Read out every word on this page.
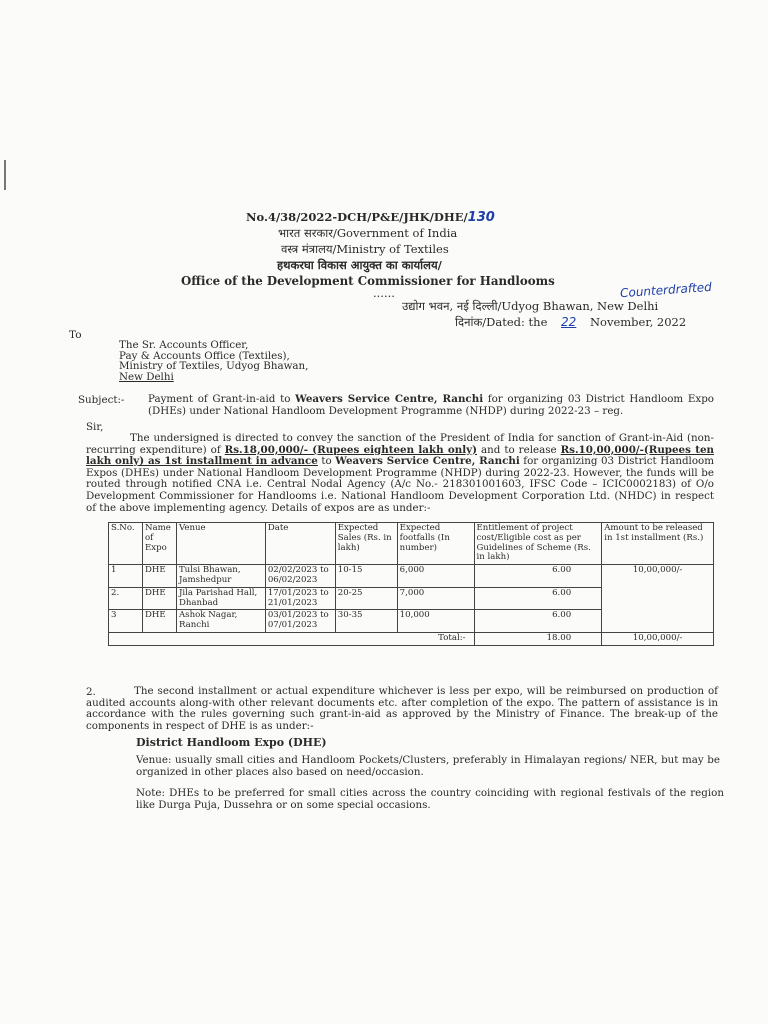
No.4/38/2022-DCH/P&E/JHK/DHE/130
भारत सरकार/Government of India
वस्त्र मंत्रालय/Ministry of Textiles
हथकरघा विकास आयुक्त का कार्यालय/
Office of the Development Commissioner for Handlooms
......	Counterdrafted
उद्योग भवन, नई दिल्ली/Udyog Bhawan, New Delhi
दिनांक/Dated: the 22 November, 2022
To
The Sr. Accounts Officer,
Pay & Accounts Office (Textiles),
Ministry of Textiles, Udyog Bhawan,
New Delhi
Subject:- Payment of Grant-in-aid to Weavers Service Centre, Ranchi for organizing 03 District Handloom Expo (DHEs) under National Handloom Development Programme (NHDP) during 2022-23 – reg.
Sir,
The undersigned is directed to convey the sanction of the President of India for sanction of Grant-in-Aid (non-recurring expenditure) of Rs.18,00,000/- (Rupees eighteen lakh only) and to release Rs.10,00,000/-(Rupees ten lakh only) as 1st installment in advance to Weavers Service Centre, Ranchi for organizing 03 District Handloom Expos (DHEs) under National Handloom Development Programme (NHDP) during 2022-23. However, the funds will be routed through notified CNA i.e. Central Nodal Agency (A/c No.- 218301001603, IFSC Code – ICIC0002183) of O/o Development Commissioner for Handlooms i.e. National Handloom Development Corporation Ltd. (NHDC) in respect of the above implementing agency. Details of expos are as under:-
S.No.	Name of Expo	Venue	Date	Expected Sales (Rs. in lakh)	Expected footfalls (In number)	Entitlement of project cost/Eligible cost as per Guidelines of Scheme (Rs. in lakh)	Amount to be released in 1st installment (Rs.)
1	DHE	Tulsi Bhawan, Jamshedpur	02/02/2023 to 06/02/2023	10-15	6,000	6.00	10,00,000/-
2.	DHE	Jila Parishad Hall, Dhanbad	17/01/2023 to 21/01/2023	20-25	7,000	6.00	
3	DHE	Ashok Nagar, Ranchi	03/01/2023 to 07/01/2023	30-35	10,000	6.00	
Total:-						18.00	10,00,000/-
2.	The second installment or actual expenditure whichever is less per expo, will be reimbursed on production of audited accounts along-with other relevant documents etc. after completion of the expo. The pattern of assistance is in accordance with the rules governing such grant-in-aid as approved by the Ministry of Finance. The break-up of the components in respect of DHE is as under:-
District Handloom Expo (DHE)
Venue: usually small cities and Handloom Pockets/Clusters, preferably in Himalayan regions/ NER, but may be organized in other places also based on need/occasion.
Note: DHEs to be preferred for small cities across the country coinciding with regional festivals of the region like Durga Puja, Dussehra or on some special occasions.
